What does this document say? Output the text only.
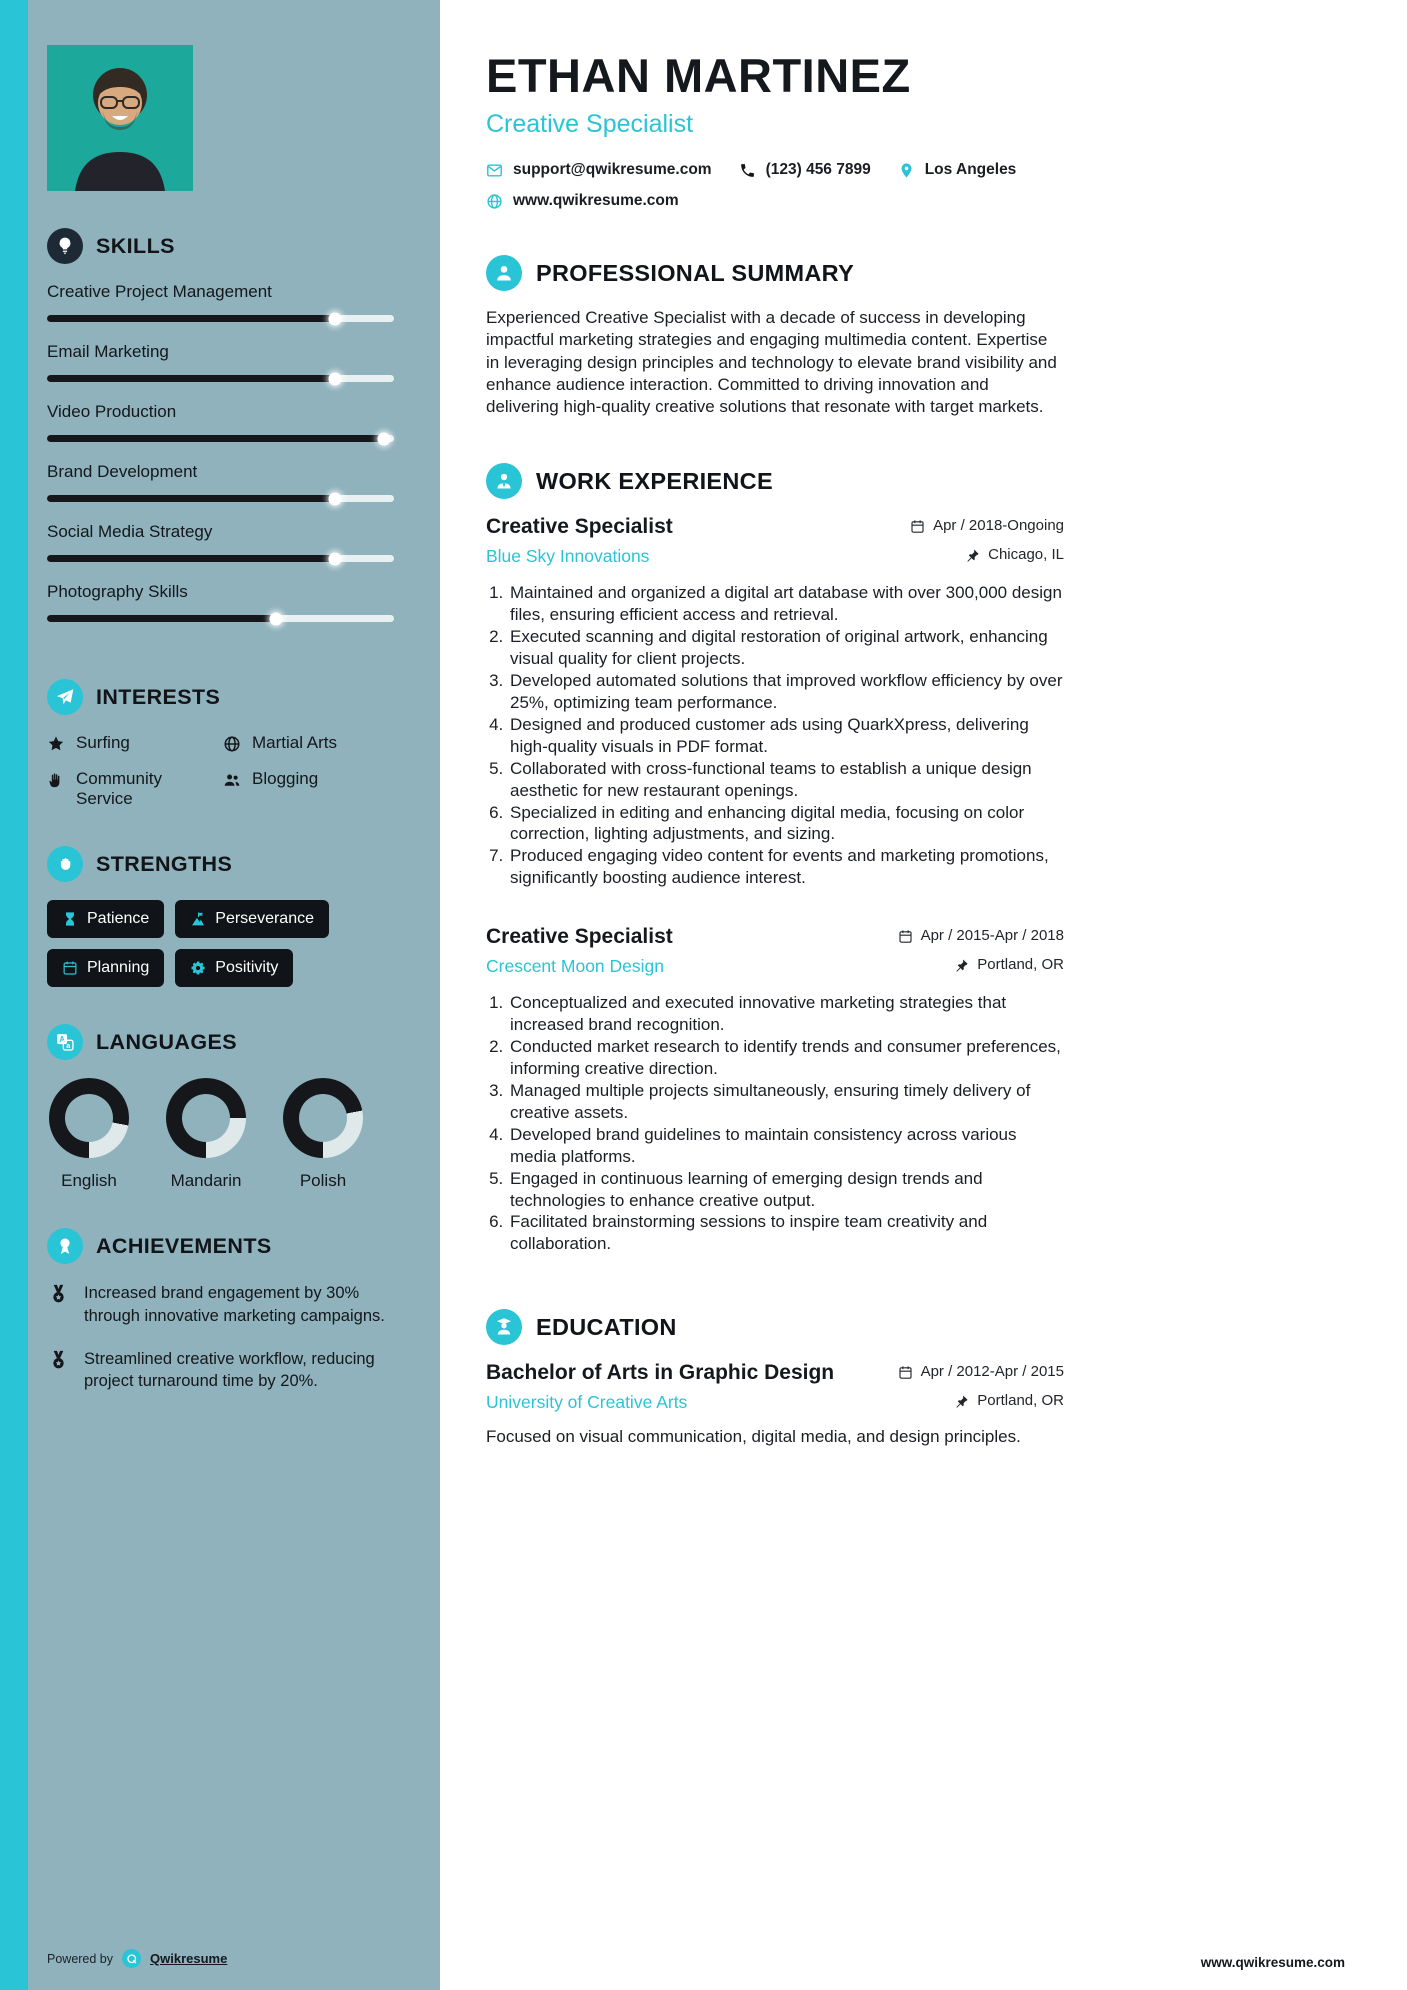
SKILLS
Creative Project Management
Email Marketing
Video Production
Brand Development
Social Media Strategy
Photography Skills
INTERESTS
Surfing	Martial Arts
Community Service
Blogging
STRENGTHS
Patience	Perseverance
Planning	Positivity
A
a LANGUAGES
English	Mandarin	Polish
ACHIEVEMENTS
Increased brand engagement by 30% through innovative marketing campaigns.
Streamlined creative workflow, reducing project turnaround time by 20%.
Powered by	Qwikresume
ETHAN MARTINEZ
Creative Specialist
support@qwikresume.com	(123) 456 7899	Los Angeles
www.qwikresume.com
PROFESSIONAL SUMMARY

Experienced Creative Specialist with a decade of success in developing impactful marketing strategies and engaging multimedia content. Expertise in leveraging design principles and technology to elevate brand visibility and enhance audience interaction. Committed to driving innovation and delivering high-quality creative solutions that resonate with target markets.

WORK EXPERIENCE
Creative Specialist	Apr / 2018-Ongoing
Blue Sky Innovations	Chicago, IL
1. Maintained and organized a digital art database with over 300,000 design files, ensuring efficient access and retrieval.
2. Executed scanning and digital restoration of original artwork, enhancing visual quality for client projects.
3. Developed automated solutions that improved workflow efficiency by over 25%, optimizing team performance.
4. Designed and produced customer ads using QuarkXpress, delivering high-quality visuals in PDF format.
5. Collaborated with cross-functional teams to establish a unique design aesthetic for new restaurant openings.
6. Specialized in editing and enhancing digital media, focusing on color correction, lighting adjustments, and sizing.
7. Produced engaging video content for events and marketing promotions, significantly boosting audience interest.
Creative Specialist	Apr / 2015-Apr / 2018
Crescent Moon Design	Portland, OR
1. Conceptualized and executed innovative marketing strategies that increased brand recognition.
2. Conducted market research to identify trends and consumer preferences, informing creative direction.
3. Managed multiple projects simultaneously, ensuring timely delivery of creative assets.
4. Developed brand guidelines to maintain consistency across various media platforms.
5. Engaged in continuous learning of emerging design trends and technologies to enhance creative output.
6. Facilitated brainstorming sessions to inspire team creativity and collaboration.
EDUCATION
Bachelor of Arts in Graphic Design	Apr / 2012-Apr / 2015
University of Creative Arts	Portland, OR

Focused on visual communication, digital media, and design principles.

www.qwikresume.com
